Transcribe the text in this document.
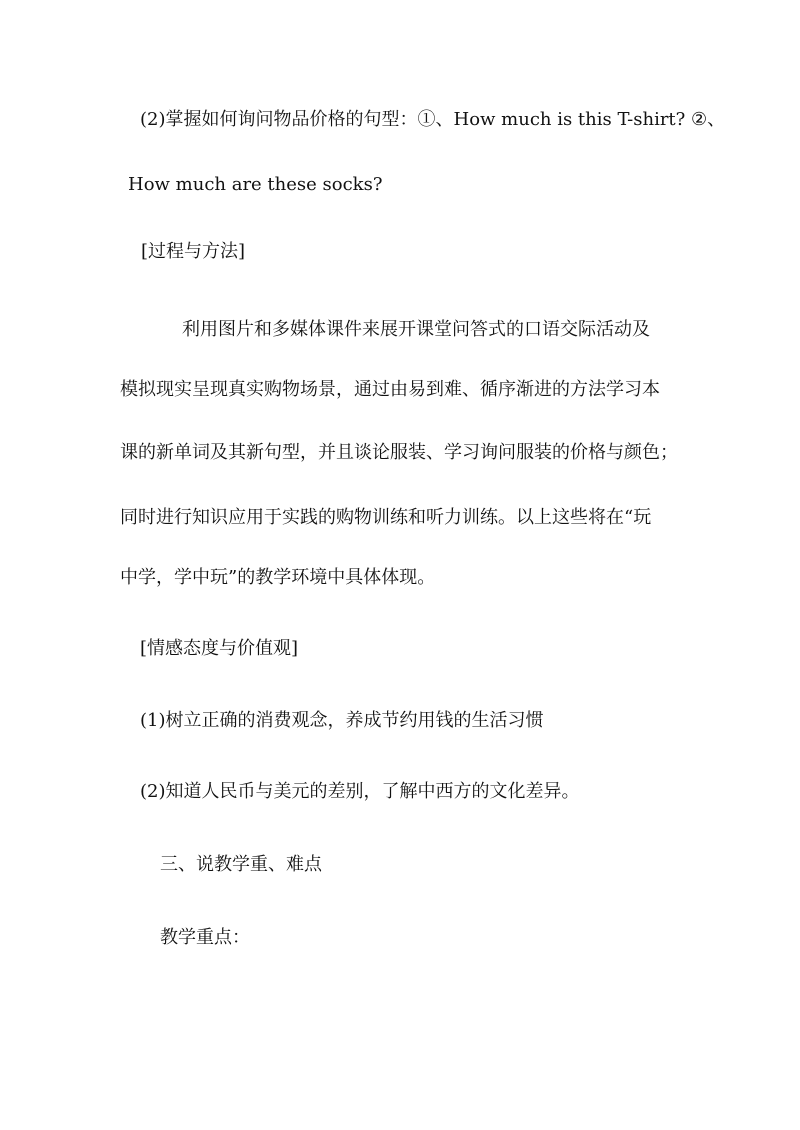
(2)掌握如何询问物品价格的句型：①、How much is this T-shirt? ②、
How much are these socks?
[过程与方法]
利用图片和多媒体课件来展开课堂问答式的口语交际活动及
模拟现实呈现真实购物场景，通过由易到难、循序渐进的方法学习本
课的新单词及其新句型，并且谈论服装、学习询问服装的价格与颜色；
同时进行知识应用于实践的购物训练和听力训练。以上这些将在“玩
中学，学中玩”的教学环境中具体体现。
[情感态度与价值观]
(1)树立正确的消费观念，养成节约用钱的生活习惯
(2)知道人民币与美元的差别，了解中西方的文化差异。
三、说教学重、难点
教学重点：
